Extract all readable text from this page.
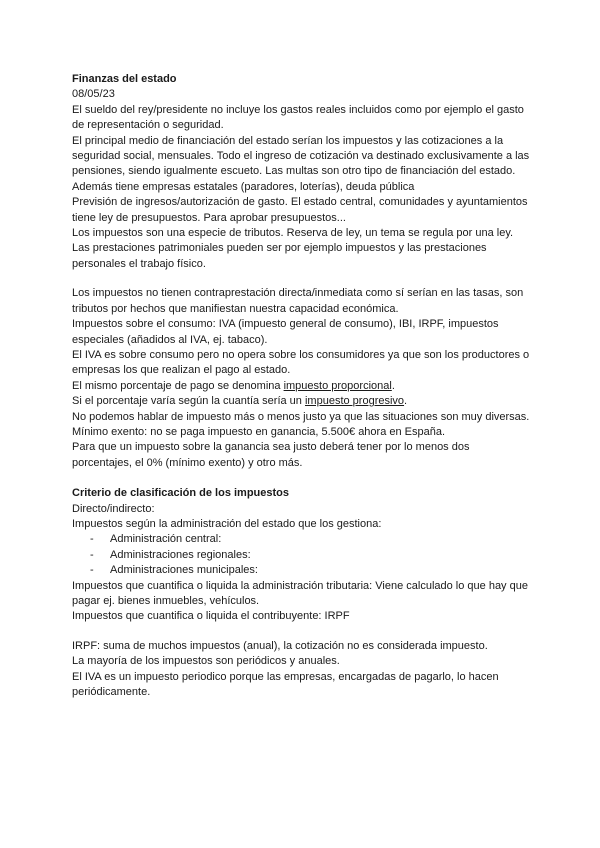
Finanzas del estado

08/05/23

El sueldo del rey/presidente no incluye los gastos reales incluidos como por ejemplo el gasto de representación o seguridad.

El principal medio de financiación del estado serían los impuestos y las cotizaciones a la seguridad social, mensuales. Todo el ingreso de cotización va destinado exclusivamente a las pensiones, siendo igualmente escueto. Las multas son otro tipo de financiación del estado. Además tiene empresas estatales (paradores, loterías), deuda pública

Previsión de ingresos/autorización de gasto. El estado central, comunidades y ayuntamientos tiene ley de presupuestos. Para aprobar presupuestos...

Los impuestos son una especie de tributos. Reserva de ley, un tema se regula por una ley.

Las prestaciones patrimoniales pueden ser por ejemplo impuestos y las prestaciones personales el trabajo físico.

Los impuestos no tienen contraprestación directa/inmediata como sí serían en las tasas, son tributos por hechos que manifiestan nuestra capacidad económica.

Impuestos sobre el consumo: IVA (impuesto general de consumo), IBI, IRPF, impuestos especiales (añadidos al IVA, ej. tabaco).

El IVA es sobre consumo pero no opera sobre los consumidores ya que son los productores o empresas los que realizan el pago al estado.

El mismo porcentaje de pago se denomina impuesto proporcional.

Si el porcentaje varía según la cuantía sería un impuesto progresivo.

No podemos hablar de impuesto más o menos justo ya que las situaciones son muy diversas.

Mínimo exento: no se paga impuesto en ganancia, 5.500€ ahora en España.

Para que un impuesto sobre la ganancia sea justo deberá tener por lo menos dos porcentajes, el 0% (mínimo exento) y otro más.

Criterio de clasificación de los impuestos

Directo/indirecto:

Impuestos según la administración del estado que los gestiona:

- Administración central:
- Administraciones regionales:
- Administraciones municipales:

Impuestos que cuantifica o liquida la administración tributaria: Viene calculado lo que hay que pagar ej. bienes inmuebles, vehículos.

Impuestos que cuantifica o liquida el contribuyente: IRPF

IRPF: suma de muchos impuestos (anual), la cotización no es considerada impuesto.

La mayoría de los impuestos son periódicos y anuales.

El IVA es un impuesto periodico porque las empresas, encargadas de pagarlo, lo hacen periódicamente.
